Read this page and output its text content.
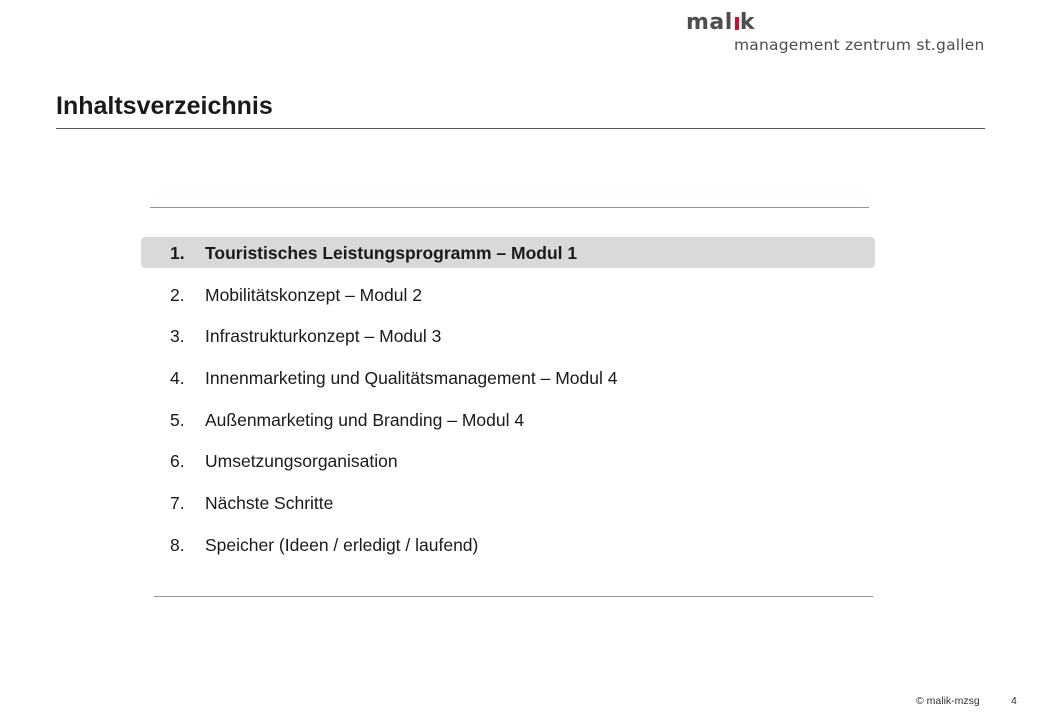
mal k
management zentrum st.gallen
Inhaltsverzeichnis
1. Touristisches Leistungsprogramm – Modul 1
2. Mobilitätskonzept – Modul 2
3. Infrastrukturkonzept – Modul 3
4. Innenmarketing und Qualitätsmanagement – Modul 4
5. Außenmarketing und Branding – Modul 4
6. Umsetzungsorganisation
7. Nächste Schritte
8. Speicher (Ideen / erledigt / laufend)
© malik-mzsg	4
